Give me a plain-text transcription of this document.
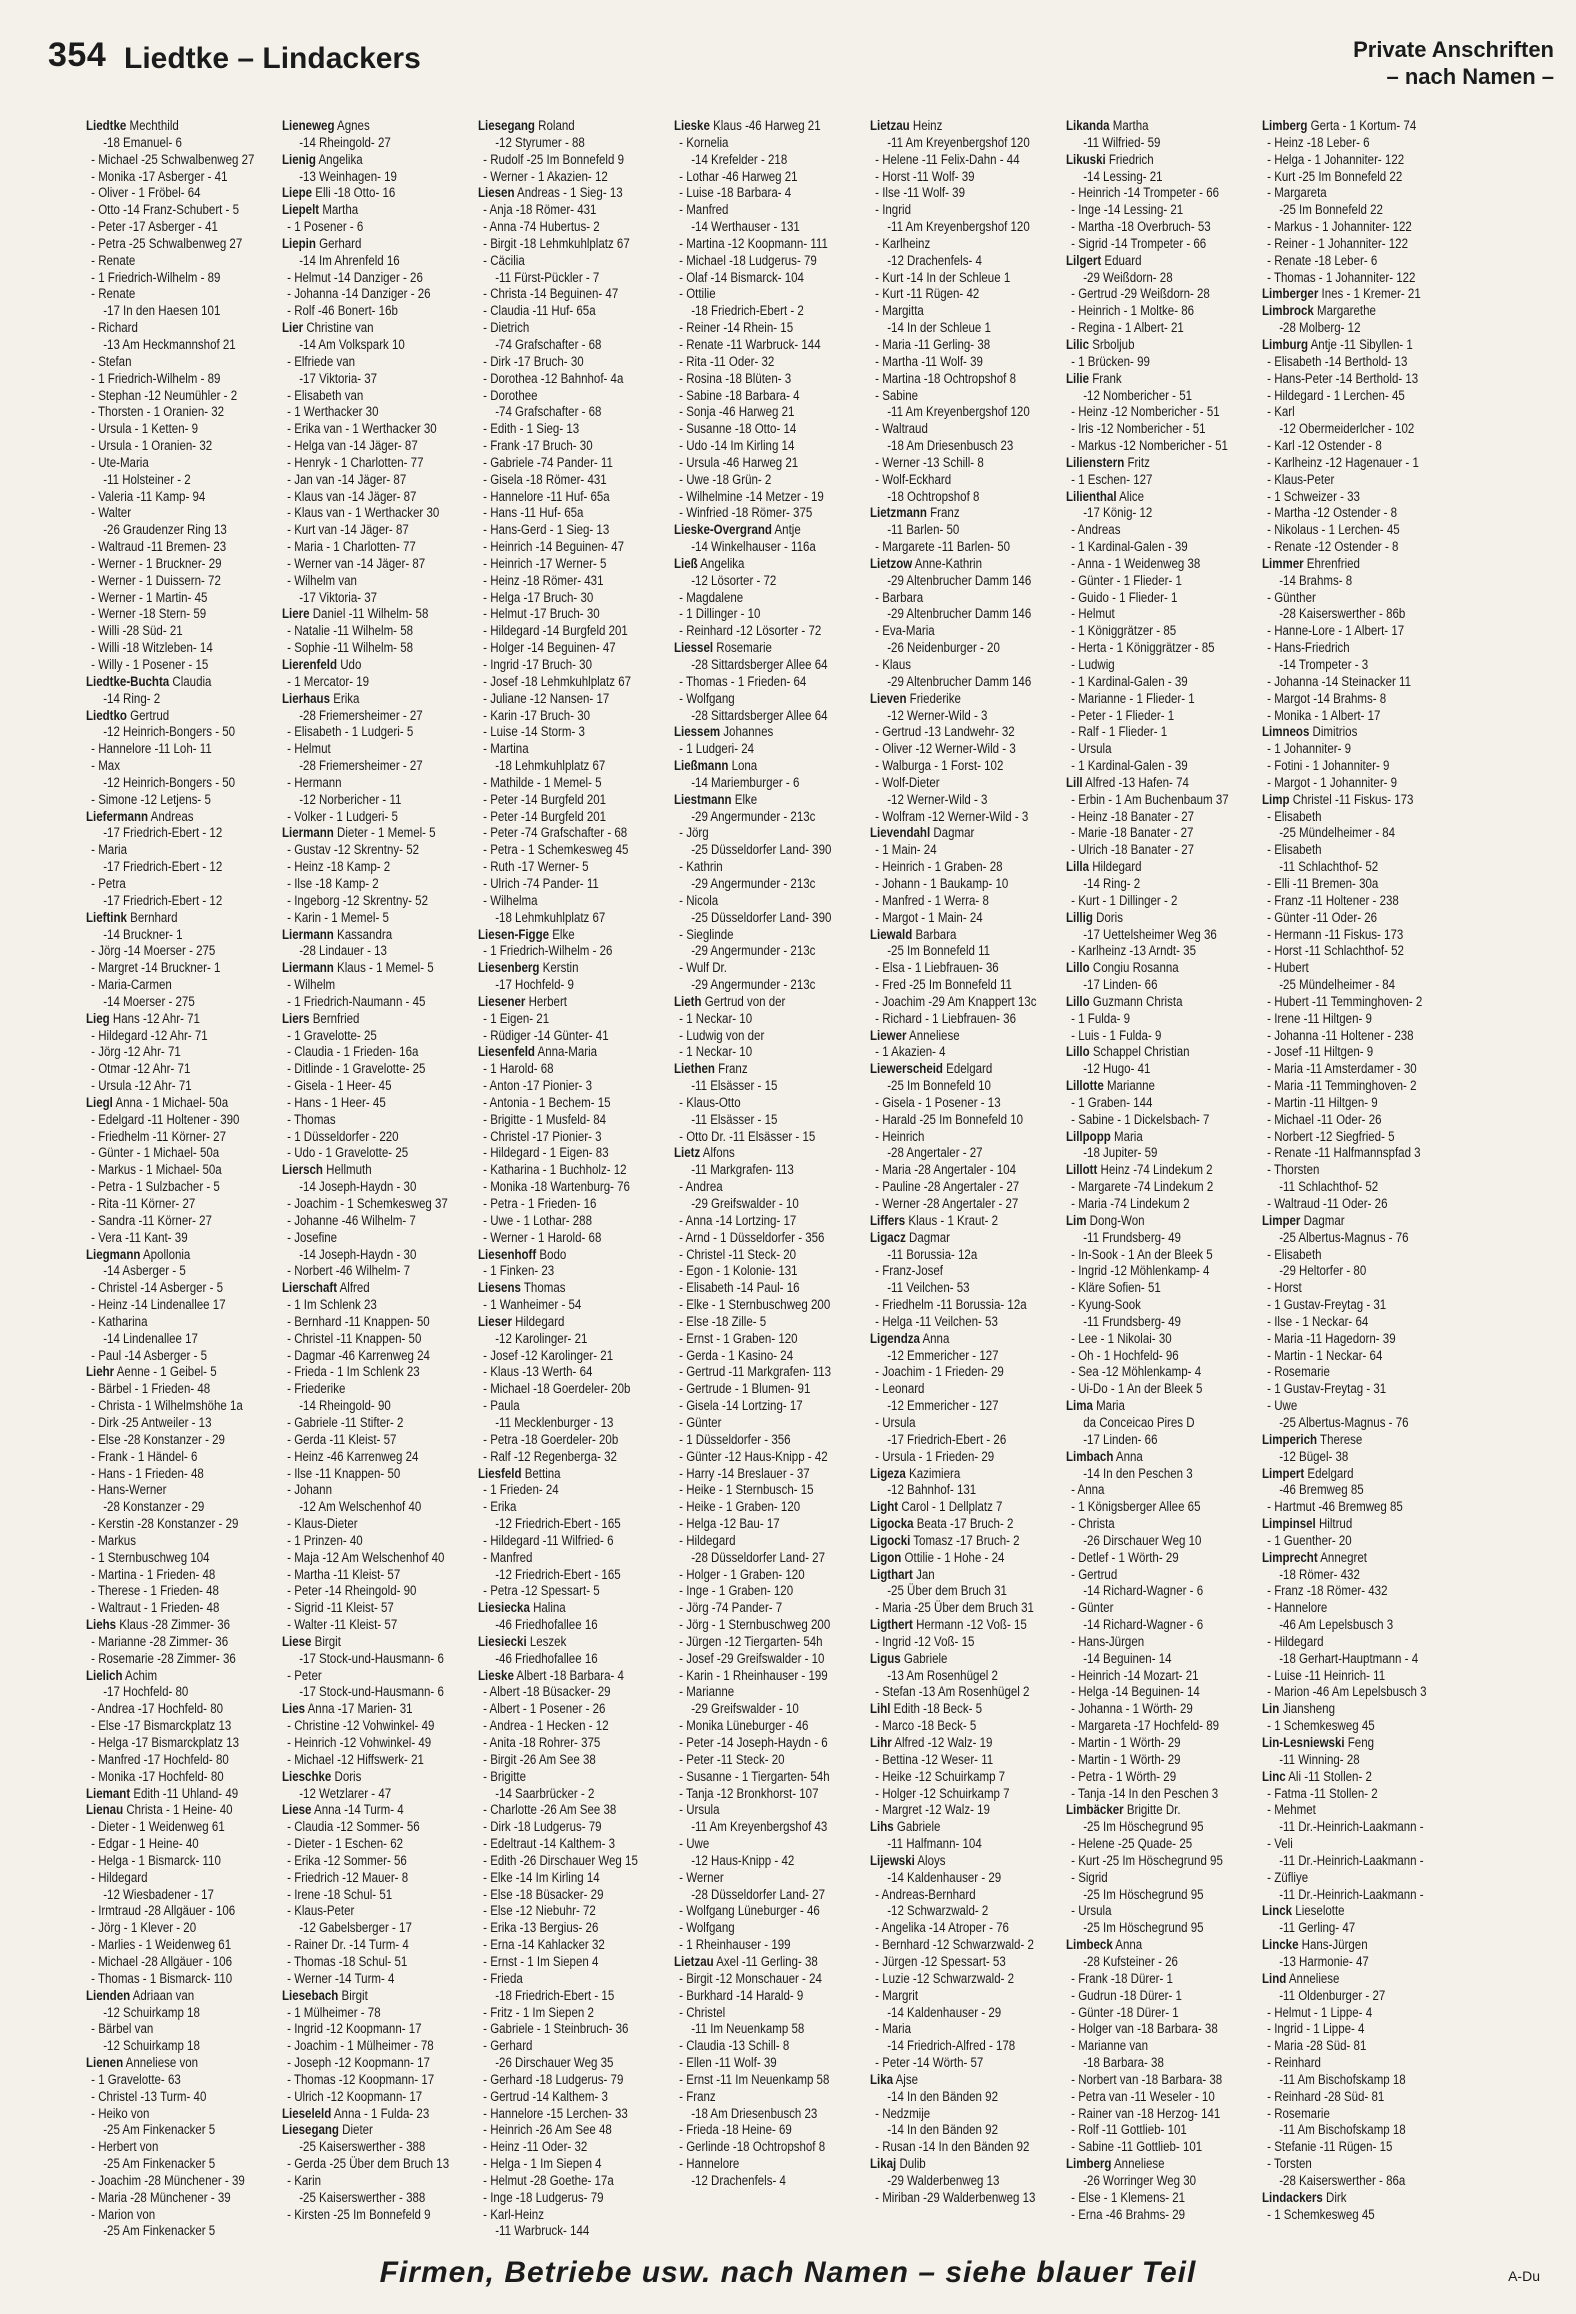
354 Liedtke – Lindackers	Private Anschriften
– nach Namen –
Liedtke Mechthild
-18 Emanuel- 6
- Michael -25 Schwalbenweg 27
- Monika -17 Asberger - 41
- Oliver - 1 Fröbel- 64
- Otto -14 Franz-Schubert - 5
- Peter -17 Asberger - 41
- Petra -25 Schwalbenweg 27
- Renate
- 1 Friedrich-Wilhelm - 89
- Renate
-17 In den Haesen 101
- Richard
-13 Am Heckmannshof 21
- Stefan
- 1 Friedrich-Wilhelm - 89
- Stephan -12 Neumühler - 2
- Thorsten - 1 Oranien- 32
- Ursula - 1 Ketten- 9
- Ursula - 1 Oranien- 32
- Ute-Maria
-11 Holsteiner - 2
- Valeria -11 Kamp- 94
- Walter
-26 Graudenzer Ring 13
- Waltraud -11 Bremen- 23
- Werner - 1 Bruckner- 29
- Werner - 1 Duissern- 72
- Werner - 1 Martin- 45
- Werner -18 Stern- 59
- Willi -28 Süd- 21
- Willi -18 Witzleben- 14
- Willy - 1 Posener - 15
Liedtke-Buchta Claudia
-14 Ring- 2
Liedtko Gertrud
-12 Heinrich-Bongers - 50
- Hannelore -11 Loh- 11
- Max
-12 Heinrich-Bongers - 50
- Simone -12 Letjens- 5
Liefermann Andreas
-17 Friedrich-Ebert - 12
- Maria
-17 Friedrich-Ebert - 12
- Petra
-17 Friedrich-Ebert - 12
Lieftink Bernhard
-14 Bruckner- 1
- Jörg -14 Moerser - 275
- Margret -14 Bruckner- 1
- Maria-Carmen
-14 Moerser - 275
Lieg Hans -12 Ahr- 71
- Hildegard -12 Ahr- 71
- Jörg -12 Ahr- 71
- Otmar -12 Ahr- 71
- Ursula -12 Ahr- 71
Liegl Anna - 1 Michael- 50a
- Edelgard -11 Holtener - 390
- Friedhelm -11 Körner- 27
- Günter - 1 Michael- 50a
- Markus - 1 Michael- 50a
- Petra - 1 Sulzbacher - 5
- Rita -11 Körner- 27
- Sandra -11 Körner- 27
- Vera -11 Kant- 39
Liegmann Apollonia
-14 Asberger - 5
- Christel -14 Asberger - 5
- Heinz -14 Lindenallee 17
- Katharina
-14 Lindenallee 17
- Paul -14 Asberger - 5
Liehr Aenne - 1 Geibel- 5
- Bärbel - 1 Frieden- 48
- Christa - 1 Wilhelmshöhe 1a
- Dirk -25 Antweiler - 13
- Else -28 Konstanzer - 29
- Frank - 1 Händel- 6
- Hans - 1 Frieden- 48
- Hans-Werner
-28 Konstanzer - 29
- Kerstin -28 Konstanzer - 29
- Markus
- 1 Sternbuschweg 104
- Martina - 1 Frieden- 48
- Therese - 1 Frieden- 48
- Waltraut - 1 Frieden- 48
Liehs Klaus -28 Zimmer- 36
- Marianne -28 Zimmer- 36
- Rosemarie -28 Zimmer- 36
Lielich Achim
-17 Hochfeld- 80
- Andrea -17 Hochfeld- 80
- Else -17 Bismarckplatz 13
- Helga -17 Bismarckplatz 13
- Manfred -17 Hochfeld- 80
- Monika -17 Hochfeld- 80
Liemant Edith -11 Uhland- 49
Lienau Christa - 1 Heine- 40
- Dieter - 1 Weidenweg 61
- Edgar - 1 Heine- 40
- Helga - 1 Bismarck- 110
- Hildegard
-12 Wiesbadener - 17
- Irmtraud -28 Allgäuer - 106
- Jörg - 1 Klever - 20
- Marlies - 1 Weidenweg 61
- Michael -28 Allgäuer - 106
- Thomas - 1 Bismarck- 110
Lienden Adriaan van
-12 Schuirkamp 18
- Bärbel van
-12 Schuirkamp 18
Lienen Anneliese von
- 1 Gravelotte- 63
- Christel -13 Turm- 40
- Heiko von
-25 Am Finkenacker 5
- Herbert von
-25 Am Finkenacker 5
- Joachim -28 Münchener - 39
- Maria -28 Münchener - 39
- Marion von
-25 Am Finkenacker 5
Lieneweg Agnes
-14 Rheingold- 27
Lienig Angelika
-13 Weinhagen- 19
Liepe Elli -18 Otto- 16
Liepelt Martha
- 1 Posener - 6
Liepin Gerhard
-14 Im Ahrenfeld 16
- Helmut -14 Danziger - 26
- Johanna -14 Danziger - 26
- Rolf -46 Bonert- 16b
Lier Christine van
-14 Am Volkspark 10
- Elfriede van
-17 Viktoria- 37
- Elisabeth van
- 1 Werthacker 30
- Erika van - 1 Werthacker 30
- Helga van -14 Jäger- 87
- Henryk - 1 Charlotten- 77
- Jan van -14 Jäger- 87
- Klaus van -14 Jäger- 87
- Klaus van - 1 Werthacker 30
- Kurt van -14 Jäger- 87
- Maria - 1 Charlotten- 77
- Werner van -14 Jäger- 87
- Wilhelm van
-17 Viktoria- 37
Liere Daniel -11 Wilhelm- 58
- Natalie -11 Wilhelm- 58
- Sophie -11 Wilhelm- 58
Lierenfeld Udo
- 1 Mercator- 19
Lierhaus Erika
-28 Friemersheimer - 27
- Elisabeth - 1 Ludgeri- 5
- Helmut
-28 Friemersheimer - 27
- Hermann
-12 Norbericher - 11
- Volker - 1 Ludgeri- 5
Liermann Dieter - 1 Memel- 5
- Gustav -12 Skrentny- 52
- Heinz -18 Kamp- 2
- Ilse -18 Kamp- 2
- Ingeborg -12 Skrentny- 52
- Karin - 1 Memel- 5
Liermann Kassandra
-28 Lindauer - 13
Liermann Klaus - 1 Memel- 5
- Wilhelm
- 1 Friedrich-Naumann - 45
Liers Bernfried
- 1 Gravelotte- 25
- Claudia - 1 Frieden- 16a
- Ditlinde - 1 Gravelotte- 25
- Gisela - 1 Heer- 45
- Hans - 1 Heer- 45
- Thomas
- 1 Düsseldorfer - 220
- Udo - 1 Gravelotte- 25
Liersch Hellmuth
-14 Joseph-Haydn - 30
- Joachim - 1 Schemkesweg 37
- Johanne -46 Wilhelm- 7
- Josefine
-14 Joseph-Haydn - 30
- Norbert -46 Wilhelm- 7
Lierschaft Alfred
- 1 Im Schlenk 23
- Bernhard -11 Knappen- 50
- Christel -11 Knappen- 50
- Dagmar -46 Karrenweg 24
- Frieda - 1 Im Schlenk 23
- Friederike
-14 Rheingold- 90
- Gabriele -11 Stifter- 2
- Gerda -11 Kleist- 57
- Heinz -46 Karrenweg 24
- Ilse -11 Knappen- 50
- Johann
-12 Am Welschenhof 40
- Klaus-Dieter
- 1 Prinzen- 40
- Maja -12 Am Welschenhof 40
- Martha -11 Kleist- 57
- Peter -14 Rheingold- 90
- Sigrid -11 Kleist- 57
- Walter -11 Kleist- 57
Liese Birgit
-17 Stock-und-Hausmann- 6
- Peter
-17 Stock-und-Hausmann- 6
Lies Anna -17 Marien- 31
- Christine -12 Vohwinkel- 49
- Heinrich -12 Vohwinkel- 49
- Michael -12 Hiffswerk- 21
Lieschke Doris
-12 Wetzlarer - 47
Liese Anna -14 Turm- 4
- Claudia -12 Sommer- 56
- Dieter - 1 Eschen- 62
- Erika -12 Sommer- 56
- Friedrich -12 Mauer- 8
- Irene -18 Schul- 51
- Klaus-Peter
-12 Gabelsberger - 17
- Rainer Dr. -14 Turm- 4
- Thomas -18 Schul- 51
- Werner -14 Turm- 4
Liesebach Birgit
- 1 Mülheimer - 78
- Ingrid -12 Koopmann- 17
- Joachim - 1 Mülheimer - 78
- Joseph -12 Koopmann- 17
- Thomas -12 Koopmann- 17
- Ulrich -12 Koopmann- 17
Lieseleld Anna - 1 Fulda- 23
Liesegang Dieter
-25 Kaiserswerther - 388
- Gerda -25 Über dem Bruch 13
- Karin
-25 Kaiserswerther - 388
- Kirsten -25 Im Bonnefeld 9
Liesegang Roland
-12 Styrumer - 88
- Rudolf -25 Im Bonnefeld 9
- Werner - 1 Akazien- 12
Liesen Andreas - 1 Sieg- 13
- Anja -18 Römer- 431
- Anna -74 Hubertus- 2
- Birgit -18 Lehmkuhlplatz 67
- Cäcilia
-11 Fürst-Pückler - 7
- Christa -14 Beguinen- 47
- Claudia -11 Huf- 65a
- Dietrich
-74 Grafschafter - 68
- Dirk -17 Bruch- 30
- Dorothea -12 Bahnhof- 4a
- Dorothee
-74 Grafschafter - 68
- Edith - 1 Sieg- 13
- Frank -17 Bruch- 30
- Gabriele -74 Pander- 11
- Gisela -18 Römer- 431
- Hannelore -11 Huf- 65a
- Hans -11 Huf- 65a
- Hans-Gerd - 1 Sieg- 13
- Heinrich -14 Beguinen- 47
- Heinrich -17 Werner- 5
- Heinz -18 Römer- 431
- Helga -17 Bruch- 30
- Helmut -17 Bruch- 30
- Hildegard -14 Burgfeld 201
- Holger -14 Beguinen- 47
- Ingrid -17 Bruch- 30
- Josef -18 Lehmkuhlplatz 67
- Juliane -12 Nansen- 17
- Karin -17 Bruch- 30
- Luise -14 Storm- 3
- Martina
-18 Lehmkuhlplatz 67
- Mathilde - 1 Memel- 5
- Peter -14 Burgfeld 201
- Peter -14 Burgfeld 201
- Peter -74 Grafschafter - 68
- Petra - 1 Schemkesweg 45
- Ruth -17 Werner- 5
- Ulrich -74 Pander- 11
- Wilhelma
-18 Lehmkuhlplatz 67
Liesen-Figge Elke
- 1 Friedrich-Wilhelm - 26
Liesenberg Kerstin
-17 Hochfeld- 9
Liesener Herbert
- 1 Eigen- 21
- Rüdiger -14 Günter- 41
Liesenfeld Anna-Maria
- 1 Harold- 68
- Anton -17 Pionier- 3
- Antonia - 1 Bechem- 15
- Brigitte - 1 Musfeld- 84
- Christel -17 Pionier- 3
- Hildegard - 1 Eigen- 83
- Katharina - 1 Buchholz- 12
- Monika -18 Wartenburg- 76
- Petra - 1 Frieden- 16
- Uwe - 1 Lothar- 288
- Werner - 1 Harold- 68
Liesenhoff Bodo
- 1 Finken- 23
Liesens Thomas
- 1 Wanheimer - 54
Lieser Hildegard
-12 Karolinger- 21
- Josef -12 Karolinger- 21
- Klaus -13 Werth- 64
- Michael -18 Goerdeler- 20b
- Paula
-11 Mecklenburger - 13
- Petra -18 Goerdeler- 20b
- Ralf -12 Regenberga- 32
Liesfeld Bettina
- 1 Frieden- 24
- Erika
-12 Friedrich-Ebert - 165
- Hildegard -11 Wilfried- 6
- Manfred
-12 Friedrich-Ebert - 165
- Petra -12 Spessart- 5
Liesiecka Halina
-46 Friedhofallee 16
Liesiecki Leszek
-46 Friedhofallee 16
Lieske Albert -18 Barbara- 4
- Albert -18 Büsacker- 29
- Albert - 1 Posener - 26
- Andrea - 1 Hecken - 12
- Anita -18 Rohrer- 375
- Birgit -26 Am See 38
- Brigitte
-14 Saarbrücker - 2
- Charlotte -26 Am See 38
- Dirk -18 Ludgerus- 79
- Edeltraut -14 Kalthem- 3
- Edith -26 Dirschauer Weg 15
- Elke -14 Im Kirling 14
- Else -18 Büsacker- 29
- Else -12 Niebuhr- 72
- Erika -13 Bergius- 26
- Erna -14 Kahlacker 32
- Ernst - 1 Im Siepen 4
- Frieda
-18 Friedrich-Ebert - 15
- Fritz - 1 Im Siepen 2
- Gabriele - 1 Steinbruch- 36
- Gerhard
-26 Dirschauer Weg 35
- Gerhard -18 Ludgerus- 79
- Gertrud -14 Kalthem- 3
- Hannelore -15 Lerchen- 33
- Heinrich -26 Am See 48
- Heinz -11 Oder- 32
- Helga - 1 Im Siepen 4
- Helmut -28 Goethe- 17a
- Inge -18 Ludgerus- 79
- Karl-Heinz
-11 Warbruck- 144
Lieske Klaus -46 Harweg 21
- Kornelia
-14 Krefelder - 218
- Lothar -46 Harweg 21
- Luise -18 Barbara- 4
- Manfred
-14 Werthauser - 131
- Martina -12 Koopmann- 111
- Michael -18 Ludgerus- 79
- Olaf -14 Bismarck- 104
- Ottilie
-18 Friedrich-Ebert - 2
- Reiner -14 Rhein- 15
- Renate -11 Warbruck- 144
- Rita -11 Oder- 32
- Rosina -18 Blüten- 3
- Sabine -18 Barbara- 4
- Sonja -46 Harweg 21
- Susanne -18 Otto- 14
- Udo -14 Im Kirling 14
- Ursula -46 Harweg 21
- Uwe -18 Grün- 2
- Wilhelmine -14 Metzer - 19
- Winfried -18 Römer- 375
Lieske-Overgrand Antje
-14 Winkelhauser - 116a
Ließ Angelika
-12 Lösorter - 72
- Magdalene
- 1 Dillinger - 10
- Reinhard -12 Lösorter - 72
Liessel Rosemarie
-28 Sittardsberger Allee 64
- Thomas - 1 Frieden- 64
- Wolfgang
-28 Sittardsberger Allee 64
Liessem Johannes
- 1 Ludgeri- 24
Ließmann Lona
-14 Mariemburger - 6
Liestmann Elke
-29 Angermunder - 213c
- Jörg
-25 Düsseldorfer Land- 390
- Kathrin
-29 Angermunder - 213c
- Nicola
-25 Düsseldorfer Land- 390
- Sieglinde
-29 Angermunder - 213c
- Wulf Dr.
-29 Angermunder - 213c
Lieth Gertrud von der
- 1 Neckar- 10
- Ludwig von der
- 1 Neckar- 10
Liethen Franz
-11 Elsässer - 15
- Klaus-Otto
-11 Elsässer - 15
- Otto Dr. -11 Elsässer - 15
Lietz Alfons
-11 Markgrafen- 113
- Andrea
-29 Greifswalder - 10
- Anna -14 Lortzing- 17
- Arnd - 1 Düsseldorfer - 356
- Christel -11 Steck- 20
- Egon - 1 Kolonie- 131
- Elisabeth -14 Paul- 16
- Elke - 1 Sternbuschweg 200
- Else -18 Zille- 5
- Ernst - 1 Graben- 120
- Gerda - 1 Kasino- 24
- Gertrud -11 Markgrafen- 113
- Gertrude - 1 Blumen- 91
- Gisela -14 Lortzing- 17
- Günter
- 1 Düsseldorfer - 356
- Günter -12 Haus-Knipp - 42
- Harry -14 Breslauer - 37
- Heike - 1 Sternbusch- 15
- Heike - 1 Graben- 120
- Helga -12 Bau- 17
- Hildegard
-28 Düsseldorfer Land- 27
- Holger - 1 Graben- 120
- Inge - 1 Graben- 120
- Jörg -74 Pander- 7
- Jörg - 1 Sternbuschweg 200
- Jürgen -12 Tiergarten- 54h
- Josef -29 Greifswalder - 10
- Karin - 1 Rheinhauser - 199
- Marianne
-29 Greifswalder - 10
- Monika Lüneburger - 46
- Peter -14 Joseph-Haydn - 6
- Peter -11 Steck- 20
- Susanne - 1 Tiergarten- 54h
- Tanja -12 Bronkhorst- 107
- Ursula
-11 Am Kreyenbergshof 43
- Uwe
-12 Haus-Knipp - 42
- Werner
-28 Düsseldorfer Land- 27
- Wolfgang Lüneburger - 46
- Wolfgang
- 1 Rheinhauser - 199
Lietzau Axel -11 Gerling- 38
- Birgit -12 Monschauer - 24
- Burkhard -14 Harald- 9
- Christel
-11 Im Neuenkamp 58
- Claudia -13 Schill- 8
- Ellen -11 Wolf- 39
- Ernst -11 Im Neuenkamp 58
- Franz
-18 Am Driesenbusch 23
- Frieda -18 Heine- 69
- Gerlinde -18 Ochtropshof 8
- Hannelore
-12 Drachenfels- 4
Lietzau Heinz
-11 Am Kreyenbergshof 120
- Helene -11 Felix-Dahn - 44
- Horst -11 Wolf- 39
- Ilse -11 Wolf- 39
- Ingrid
-11 Am Kreyenbergshof 120
- Karlheinz
-12 Drachenfels- 4
- Kurt -14 In der Schleue 1
- Kurt -11 Rügen- 42
- Margitta
-14 In der Schleue 1
- Maria -11 Gerling- 38
- Martha -11 Wolf- 39
- Martina -18 Ochtropshof 8
- Sabine
-11 Am Kreyenbergshof 120
- Waltraud
-18 Am Driesenbusch 23
- Werner -13 Schill- 8
- Wolf-Eckhard
-18 Ochtropshof 8
Lietzmann Franz
-11 Barlen- 50
- Margarete -11 Barlen- 50
Lietzow Anne-Kathrin
-29 Altenbrucher Damm 146
- Barbara
-29 Altenbrucher Damm 146
- Eva-Maria
-26 Neidenburger - 20
- Klaus
-29 Altenbrucher Damm 146
Lieven Friederike
-12 Werner-Wild - 3
- Gertrud -13 Landwehr- 32
- Oliver -12 Werner-Wild - 3
- Walburga - 1 Forst- 102
- Wolf-Dieter
-12 Werner-Wild - 3
- Wolfram -12 Werner-Wild - 3
Lievendahl Dagmar
- 1 Main- 24
- Heinrich - 1 Graben- 28
- Johann - 1 Baukamp- 10
- Manfred - 1 Werra- 8
- Margot - 1 Main- 24
Liewald Barbara
-25 Im Bonnefeld 11
- Elsa - 1 Liebfrauen- 36
- Fred -25 Im Bonnefeld 11
- Joachim -29 Am Knappert 13c
- Richard - 1 Liebfrauen- 36
Liewer Anneliese
- 1 Akazien- 4
Liewerscheid Edelgard
-25 Im Bonnefeld 10
- Gisela - 1 Posener - 13
- Harald -25 Im Bonnefeld 10
- Heinrich
-28 Angertaler - 27
- Maria -28 Angertaler - 104
- Pauline -28 Angertaler - 27
- Werner -28 Angertaler - 27
Liffers Klaus - 1 Kraut- 2
Ligacz Dagmar
-11 Borussia- 12a
- Franz-Josef
-11 Veilchen- 53
- Friedhelm -11 Borussia- 12a
- Helga -11 Veilchen- 53
Ligendza Anna
-12 Emmericher - 127
- Joachim - 1 Frieden- 29
- Leonard
-12 Emmericher - 127
- Ursula
-17 Friedrich-Ebert - 26
- Ursula - 1 Frieden- 29
Ligeza Kazimiera
-12 Bahnhof- 131
Light Carol - 1 Dellplatz 7
Ligocka Beata -17 Bruch- 2
Ligocki Tomasz -17 Bruch- 2
Ligon Ottilie - 1 Hohe - 24
Ligthart Jan
-25 Über dem Bruch 31
- Maria -25 Über dem Bruch 31
Ligthert Hermann -12 Voß- 15
- Ingrid -12 Voß- 15
Ligus Gabriele
-13 Am Rosenhügel 2
- Stefan -13 Am Rosenhügel 2
Lihl Edith -18 Beck- 5
- Marco -18 Beck- 5
Lihr Alfred -12 Walz- 19
- Bettina -12 Weser- 11
- Heike -12 Schuirkamp 7
- Holger -12 Schuirkamp 7
- Margret -12 Walz- 19
Lihs Gabriele
-11 Halfmann- 104
Lijewski Aloys
-14 Kaldenhauser - 29
- Andreas-Bernhard
-12 Schwarzwald- 2
- Angelika -14 Atroper - 76
- Bernhard -12 Schwarzwald- 2
- Jürgen -12 Spessart- 53
- Luzie -12 Schwarzwald- 2
- Margrit
-14 Kaldenhauser - 29
- Maria
-14 Friedrich-Alfred - 178
- Peter -14 Wörth- 57
Lika Ajse
-14 In den Bänden 92
- Nedzmije
-14 In den Bänden 92
- Rusan -14 In den Bänden 92
Likaj Dulib
-29 Walderbenweg 13
- Miriban -29 Walderbenweg 13
Likanda Martha
-11 Wilfried- 59
Likuski Friedrich
-14 Lessing- 21
- Heinrich -14 Trompeter - 66
- Inge -14 Lessing- 21
- Martha -18 Overbruch- 53
- Sigrid -14 Trompeter - 66
Lilgert Eduard
-29 Weißdorn- 28
- Gertrud -29 Weißdorn- 28
- Heinrich - 1 Moltke- 86
- Regina - 1 Albert- 21
Lilic Srbolјub
- 1 Brücken- 99
Lilie Frank
-12 Nombericher - 51
- Heinz -12 Nombericher - 51
- Iris -12 Nombericher - 51
- Markus -12 Nombericher - 51
Lilienstern Fritz
- 1 Eschen- 127
Lilienthal Alice
-17 König- 12
- Andreas
- 1 Kardinal-Galen - 39
- Anna - 1 Weidenweg 38
- Günter - 1 Flieder- 1
- Guido - 1 Flieder- 1
- Helmut
- 1 Königgrätzer - 85
- Herta - 1 Königgrätzer - 85
- Ludwig
- 1 Kardinal-Galen - 39
- Marianne - 1 Flieder- 1
- Peter - 1 Flieder- 1
- Ralf - 1 Flieder- 1
- Ursula
- 1 Kardinal-Galen - 39
Lill Alfred -13 Hafen- 74
- Erbin - 1 Am Buchenbaum 37
- Heinz -18 Banater - 27
- Marie -18 Banater - 27
- Ulrich -18 Banater - 27
Lilla Hildegard
-14 Ring- 2
- Kurt - 1 Dillinger - 2
Lillig Doris
-17 Uettelsheimer Weg 36
- Karlheinz -13 Arndt- 35
Lillo Congiu Rosanna
-17 Linden- 66
Lillo Guzmann Christa
- 1 Fulda- 9
- Luis - 1 Fulda- 9
Lillo Schappel Christian
-12 Hugo- 41
Lillotte Marianne
- 1 Graben- 144
- Sabine - 1 Dickelsbach- 7
Lillpopp Maria
-18 Jupiter- 59
Lillott Heinz -74 Lindekum 2
- Margarete -74 Lindekum 2
- Maria -74 Lindekum 2
Lim Dong-Won
-11 Frundsberg- 49
- In-Sook - 1 An der Bleek 5
- Ingrid -12 Möhlenkamp- 4
- Kläre Sofien- 51
- Kyung-Sook
-11 Frundsberg- 49
- Lee - 1 Nikolai- 30
- Oh - 1 Hochfeld- 96
- Sea -12 Möhlenkamp- 4
- Ui-Do - 1 An der Bleek 5
Lima Maria
da Conceicao Pires D
-17 Linden- 66
Limbach Anna
-14 In den Peschen 3
- Anna
- 1 Königsberger Allee 65
- Christa
-26 Dirschauer Weg 10
- Detlef - 1 Wörth- 29
- Gertrud
-14 Richard-Wagner - 6
- Günter
-14 Richard-Wagner - 6
- Hans-Jürgen
-14 Beguinen- 14
- Heinrich -14 Mozart- 21
- Helga -14 Beguinen- 14
- Johanna - 1 Wörth- 29
- Margareta -17 Hochfeld- 89
- Martin - 1 Wörth- 29
- Martin - 1 Wörth- 29
- Petra - 1 Wörth- 29
- Tanja -14 In den Peschen 3
Limbäcker Brigitte Dr.
-25 Im Höschegrund 95
- Helene -25 Quade- 25
- Kurt -25 Im Höschegrund 95
- Sigrid
-25 Im Höschegrund 95
- Ursula
-25 Im Höschegrund 95
Limbeck Anna
-28 Kufsteiner - 26
- Frank -18 Dürer- 1
- Gudrun -18 Dürer- 1
- Günter -18 Dürer- 1
- Holger van -18 Barbara- 38
- Marianne van
-18 Barbara- 38
- Norbert van -18 Barbara- 38
- Petra van -11 Weseler - 10
- Rainer van -18 Herzog- 141
- Rolf -11 Gottlieb- 101
- Sabine -11 Gottlieb- 101
Limberg Anneliese
-26 Worringer Weg 30
- Else - 1 Klemens- 21
- Erna -46 Brahms- 29
Limberg Gerta - 1 Kortum- 74
- Heinz -18 Leber- 6
- Helga - 1 Johanniter- 122
- Kurt -25 Im Bonnefeld 22
- Margareta
-25 Im Bonnefeld 22
- Markus - 1 Johanniter- 122
- Reiner - 1 Johanniter- 122
- Renate -18 Leber- 6
- Thomas - 1 Johanniter- 122
Limberger Ines - 1 Kremer- 21
Limbrock Margarethe
-28 Molberg- 12
Limburg Antje -11 Sibyllen- 1
- Elisabeth -14 Berthold- 13
- Hans-Peter -14 Berthold- 13
- Hildegard - 1 Lerchen- 45
- Karl
-12 Obermeiderlcher - 102
- Karl -12 Ostender - 8
- Karlheinz -12 Hagenauer - 1
- Klaus-Peter
- 1 Schweizer - 33
- Martha -12 Ostender - 8
- Nikolaus - 1 Lerchen- 45
- Renate -12 Ostender - 8
Limmer Ehrenfried
-14 Brahms- 8
- Günther
-28 Kaiserswerther - 86b
- Hanne-Lore - 1 Albert- 17
- Hans-Friedrich
-14 Trompeter - 3
- Johanna -14 Steinacker 11
- Margot -14 Brahms- 8
- Monika - 1 Albert- 17
Limneos Dimitrios
- 1 Johanniter- 9
- Fotini - 1 Johanniter- 9
- Margot - 1 Johanniter- 9
Limp Christel -11 Fiskus- 173
- Elisabeth
-25 Mündelheimer - 84
- Elisabeth
-11 Schlachthof- 52
- Elli -11 Bremen- 30a
- Franz -11 Holtener - 238
- Günter -11 Oder- 26
- Hermann -11 Fiskus- 173
- Horst -11 Schlachthof- 52
- Hubert
-25 Mündelheimer - 84
- Hubert -11 Temminghoven- 2
- Irene -11 Hiltgen- 9
- Johanna -11 Holtener - 238
- Josef -11 Hiltgen- 9
- Maria -11 Amsterdamer - 30
- Maria -11 Temminghoven- 2
- Martin -11 Hiltgen- 9
- Michael -11 Oder- 26
- Norbert -12 Siegfried- 5
- Renate -11 Halfmannspfad 3
- Thorsten
-11 Schlachthof- 52
- Waltraud -11 Oder- 26
Limper Dagmar
-25 Albertus-Magnus - 76
- Elisabeth
-29 Heltorfer - 80
- Horst
- 1 Gustav-Freytag - 31
- Ilse - 1 Neckar- 64
- Maria -11 Hagedorn- 39
- Martin - 1 Neckar- 64
- Rosemarie
- 1 Gustav-Freytag - 31
- Uwe
-25 Albertus-Magnus - 76
Limperich Therese
-12 Bügel- 38
Limpert Edelgard
-46 Bremweg 85
- Hartmut -46 Bremweg 85
Limpinsel Hiltrud
- 1 Guenther- 20
Limprecht Annegret
-18 Römer- 432
- Franz -18 Römer- 432
- Hannelore
-46 Am Lepelsbusch 3
- Hildegard
-18 Gerhart-Hauptmann - 4
- Luise -11 Heinrich- 11
- Marion -46 Am Lepelsbusch 3
Lin Jiansheng
- 1 Schemkesweg 45
Lin-Lesniewski Feng
-11 Winning- 28
Linc Ali -11 Stollen- 2
- Fatma -11 Stollen- 2
- Mehmet
-11 Dr.-Heinrich-Laakmann -
- Veli
-11 Dr.-Heinrich-Laakmann -
- Züfliye
-11 Dr.-Heinrich-Laakmann -
Linck Lieselotte
-11 Gerling- 47
Lincke Hans-Jürgen
-13 Harmonie- 47
Lind Anneliese
-11 Oldenburger - 27
- Helmut - 1 Lippe- 4
- Ingrid - 1 Lippe- 4
- Maria -28 Süd- 81
- Reinhard
-11 Am Bischofskamp 18
- Reinhard -28 Süd- 81
- Rosemarie
-11 Am Bischofskamp 18
- Stefanie -11 Rügen- 15
- Torsten
-28 Kaiserswerther - 86a
Lindackers Dirk
- 1 Schemkesweg 45
Firmen, Betriebe usw. nach Namen – siehe blauer Teil	A-Du
